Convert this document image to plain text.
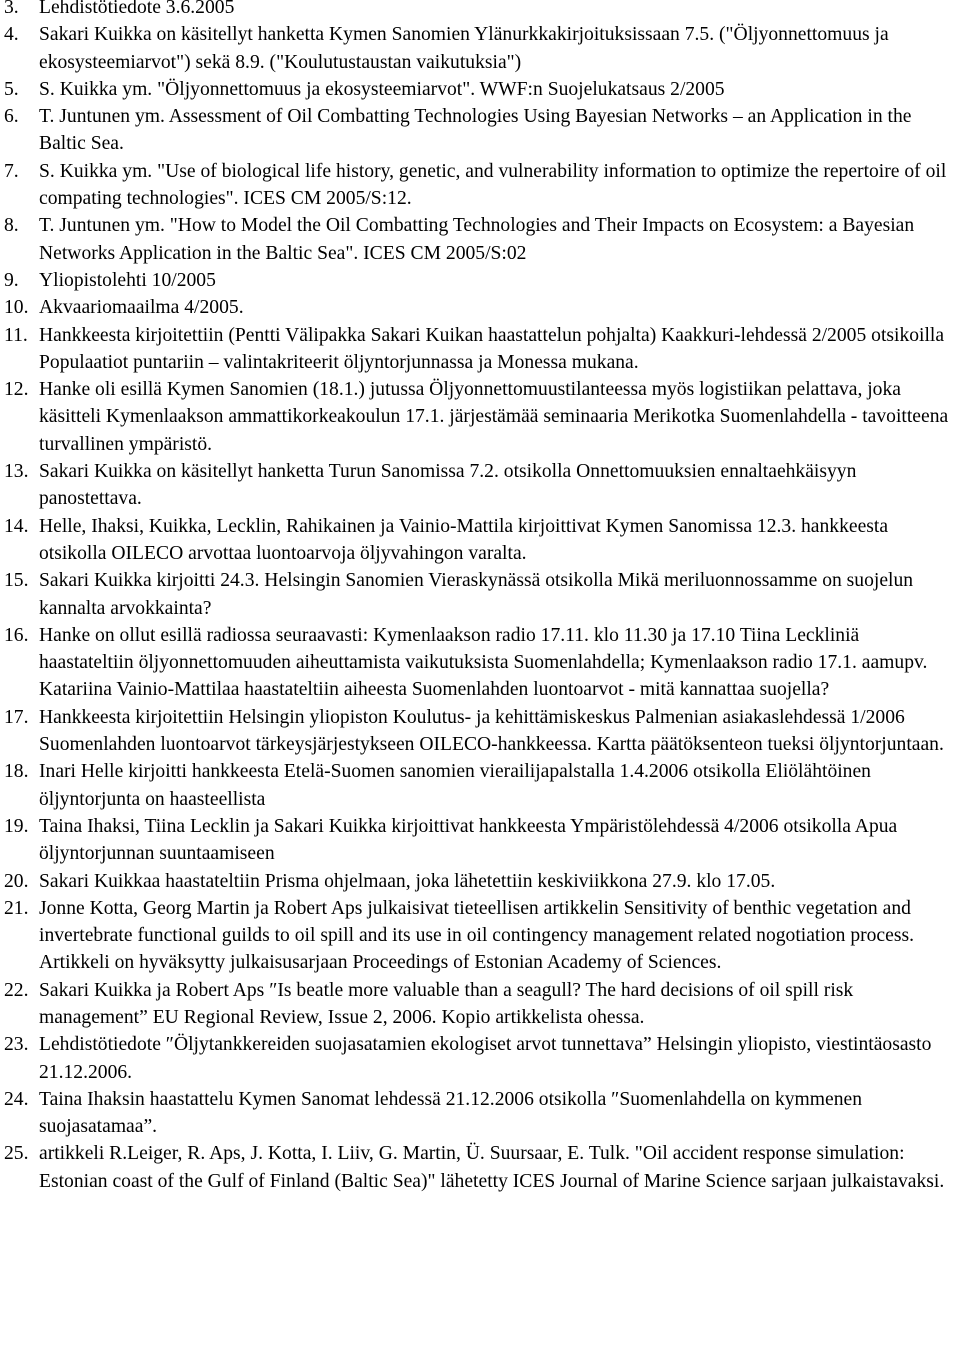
3.	Lehdistötiedote 3.6.2005
4.	Sakari Kuikka on käsitellyt hanketta Kymen Sanomien Ylänurkkakirjoituksissaan 7.5. ("Öljyonnettomuus ja ekosysteemiarvot") sekä 8.9. ("Koulutustaustan vaikutuksia")
5.	S. Kuikka ym. "Öljyonnettomuus ja ekosysteemiarvot". WWF:n Suojelukatsaus 2/2005
6.	T. Juntunen ym. Assessment of Oil Combatting Technologies Using Bayesian Networks – an Application in the Baltic Sea.
7.	S. Kuikka ym. "Use of biological life history, genetic, and vulnerability information to optimize the repertoire of oil compating technologies". ICES CM 2005/S:12.
8.	T. Juntunen ym. "How to Model the Oil Combatting Technologies and Their Impacts on Ecosystem: a Bayesian Networks Application in the Baltic Sea". ICES CM 2005/S:02
9.	Yliopistolehti 10/2005
10. Akvaariomaailma 4/2005.
11. Hankkeesta kirjoitettiin (Pentti Välipakka Sakari Kuikan haastattelun pohjalta) Kaakkuri-lehdessä 2/2005 otsikoilla Populaatiot puntariin – valintakriteerit öljyntorjunnassa ja Monessa mukana.
12. Hanke oli esillä Kymen Sanomien (18.1.) jutussa Öljyonnettomuustilanteessa myös logistiikan pelattava, joka käsitteli Kymenlaakson ammattikorkeakoulun 17.1. järjestämää seminaaria Merikotka Suomenlahdella - tavoitteena turvallinen ympäristö.
13. Sakari Kuikka on käsitellyt hanketta Turun Sanomissa 7.2. otsikolla Onnettomuuksien ennaltaehkäisyyn panostettava.
14. Helle, Ihaksi, Kuikka, Lecklin, Rahikainen ja Vainio-Mattila kirjoittivat Kymen Sanomissa 12.3. hankkeesta otsikolla OILECO arvottaa luontoarvoja öljyvahingon varalta.
15. Sakari Kuikka kirjoitti 24.3. Helsingin Sanomien Vieraskynässä otsikolla Mikä meriluonnossamme on suojelun kannalta arvokkainta?
16. Hanke on ollut esillä radiossa seuraavasti: Kymenlaakson radio 17.11. klo 11.30 ja 17.10 Tiina Leckliniä haastateltiin öljyonnettomuuden aiheuttamista vaikutuksista Suomenlahdella; Kymenlaakson radio 17.1. aamupv. Katariina Vainio-Mattilaa haastateltiin aiheesta Suomenlahden luontoarvot - mitä kannattaa suojella?
17. Hankkeesta kirjoitettiin Helsingin yliopiston Koulutus- ja kehittämiskeskus Palmenian asiakaslehdessä 1/2006 Suomenlahden luontoarvot tärkeysjärjestykseen OILECO-hankkeessa. Kartta päätöksenteon tueksi öljyntorjuntaan.
18. Inari Helle kirjoitti hankkeesta Etelä-Suomen sanomien vierailijapalstalla 1.4.2006 otsikolla Eliölähtöinen öljyntorjunta on haasteellista
19. Taina Ihaksi, Tiina Lecklin ja Sakari Kuikka kirjoittivat hankkeesta Ympäristölehdessä 4/2006 otsikolla Apua öljyntorjunnan suuntaamiseen
20. Sakari Kuikkaa haastateltiin Prisma ohjelmaan, joka lähetettiin keskiviikkona 27.9. klo 17.05.
21. Jonne Kotta, Georg Martin ja Robert Aps julkaisivat tieteellisen artikkelin Sensitivity of benthic vegetation and invertebrate functional guilds to oil spill and its use in oil contingency management related nogotiation process. Artikkeli on hyväksytty julkaisusarjaan Proceedings of Estonian Academy of Sciences.
22. Sakari Kuikka ja Robert Aps ″Is beatle more valuable than a seagull? The hard decisions of oil spill risk management” EU Regional Review, Issue 2, 2006. Kopio artikkelista ohessa.
23. Lehdistötiedote ″Öljytankkereiden suojasatamien ekologiset arvot tunnettava” Helsingin yliopisto, viestintäosasto 21.12.2006.
24. Taina Ihaksin haastattelu Kymen Sanomat lehdessä 21.12.2006 otsikolla ″Suomenlahdella on kymmenen suojasatamaa”.
25. artikkeli R.Leiger, R. Aps, J. Kotta, I. Liiv, G. Martin, Ü. Suursaar, E. Tulk. "Oil accident response simulation: Estonian coast of the Gulf of Finland (Baltic Sea)" lähetetty ICES Journal of Marine Science sarjaan julkaistavaksi.
